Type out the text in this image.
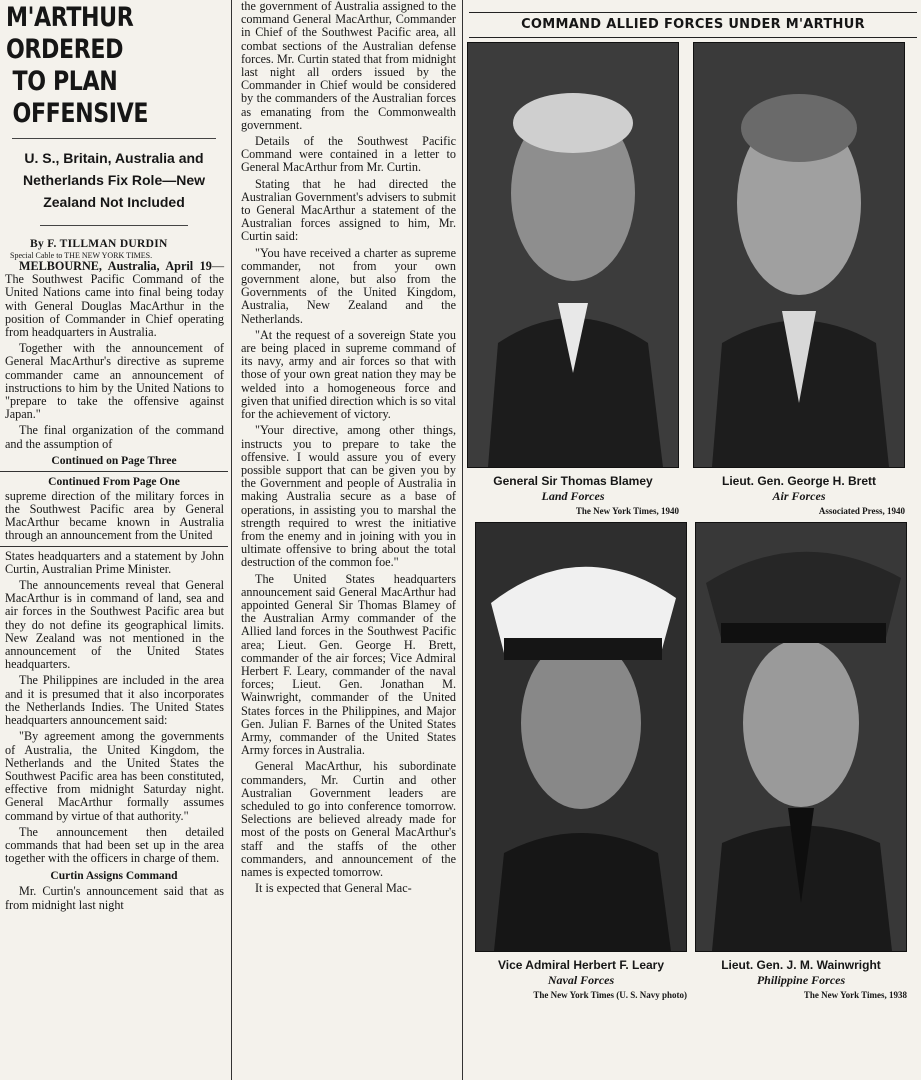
M'ARTHUR ORDERED
TO PLAN OFFENSIVE
U. S., Britain, Australia and
Netherlands Fix Role—New
Zealand Not Included
By F. TILLMAN DURDIN
Special Cable to THE NEW YORK TIMES.
MELBOURNE, Australia, April 19—The Southwest Pacific Command of the United Nations came into final being today with General Douglas MacArthur in the position of Commander in Chief operating from headquarters in Australia.
Together with the announcement of General MacArthur's directive as supreme commander came an announcement of instructions to him by the United Nations to "prepare to take the offensive against Japan."
The final organization of the command and the assumption of
Continued on Page Three
Continued From Page One
supreme direction of the military forces in the Southwest Pacific area by General MacArthur became known in Australia through an announcement from the United
States headquarters and a statement by John Curtin, Australian Prime Minister.
The announcements reveal that General MacArthur is in command of land, sea and air forces in the Southwest Pacific area but they do not define its geographical limits. New Zealand was not mentioned in the announcement of the United States headquarters.
The Philippines are included in the area and it is presumed that it also incorporates the Netherlands Indies. The United States headquarters announcement said:
"By agreement among the governments of Australia, the United Kingdom, the Netherlands and the United States the Southwest Pacific area has been constituted, effective from midnight Saturday night. General MacArthur formally assumes command by virtue of that authority."
The announcement then detailed commands that had been set up in the area together with the officers in charge of them.
Curtin Assigns Command
Mr. Curtin's announcement said that as from midnight last night
the government of Australia assigned to the command General MacArthur, Commander in Chief of the Southwest Pacific area, all combat sections of the Australian defense forces. Mr. Curtin stated that from midnight last night all orders issued by the Commander in Chief would be considered by the commanders of the Australian forces as emanating from the Commonwealth government.
Details of the Southwest Pacific Command were contained in a letter to General MacArthur from Mr. Curtin.
Stating that he had directed the Australian Government's advisers to submit to General MacArthur a statement of the Australian forces assigned to him, Mr. Curtin said:
"You have received a charter as supreme commander, not from your own government alone, but also from the Governments of the United Kingdom, Australia, New Zealand and the Netherlands.
"At the request of a sovereign State you are being placed in supreme command of its navy, army and air forces so that with those of your own great nation they may be welded into a homogeneous force and given that unified direction which is so vital for the achievement of victory.
"Your directive, among other things, instructs you to prepare to take the offensive. I would assure you of every possible support that can be given you by the Government and people of Australia in making Australia secure as a base of operations, in assisting you to marshal the strength required to wrest the initiative from the enemy and in joining with you in ultimate offensive to bring about the total destruction of the common foe."
The United States headquarters announcement said General MacArthur had appointed General Sir Thomas Blamey of the Australian Army commander of the Allied land forces in the Southwest Pacific area; Lieut. Gen. George H. Brett, commander of the air forces; Vice Admiral Herbert F. Leary, commander of the naval forces; Lieut. Gen. Jonathan M. Wainwright, commander of the United States forces in the Philippines, and Major Gen. Julian F. Barnes of the United States Army, commander of the United States Army forces in Australia.
General MacArthur, his subordinate commanders, Mr. Curtin and other Australian Government leaders are scheduled to go into conference tomorrow. Selections are believed already made for most of the posts on General MacArthur's staff and the staffs of the other commanders, and announcement of the names is expected tomorrow.
It is expected that General Mac-
COMMAND ALLIED FORCES UNDER M'ARTHUR
General Sir Thomas Blamey
Land Forces
The New York Times, 1940
Lieut. Gen. George H. Brett
Air Forces
Associated Press, 1940
Vice Admiral Herbert F. Leary
Naval Forces
The New York Times (U. S. Navy photo)
Lieut. Gen. J. M. Wainwright
Philippine Forces
The New York Times, 1938
